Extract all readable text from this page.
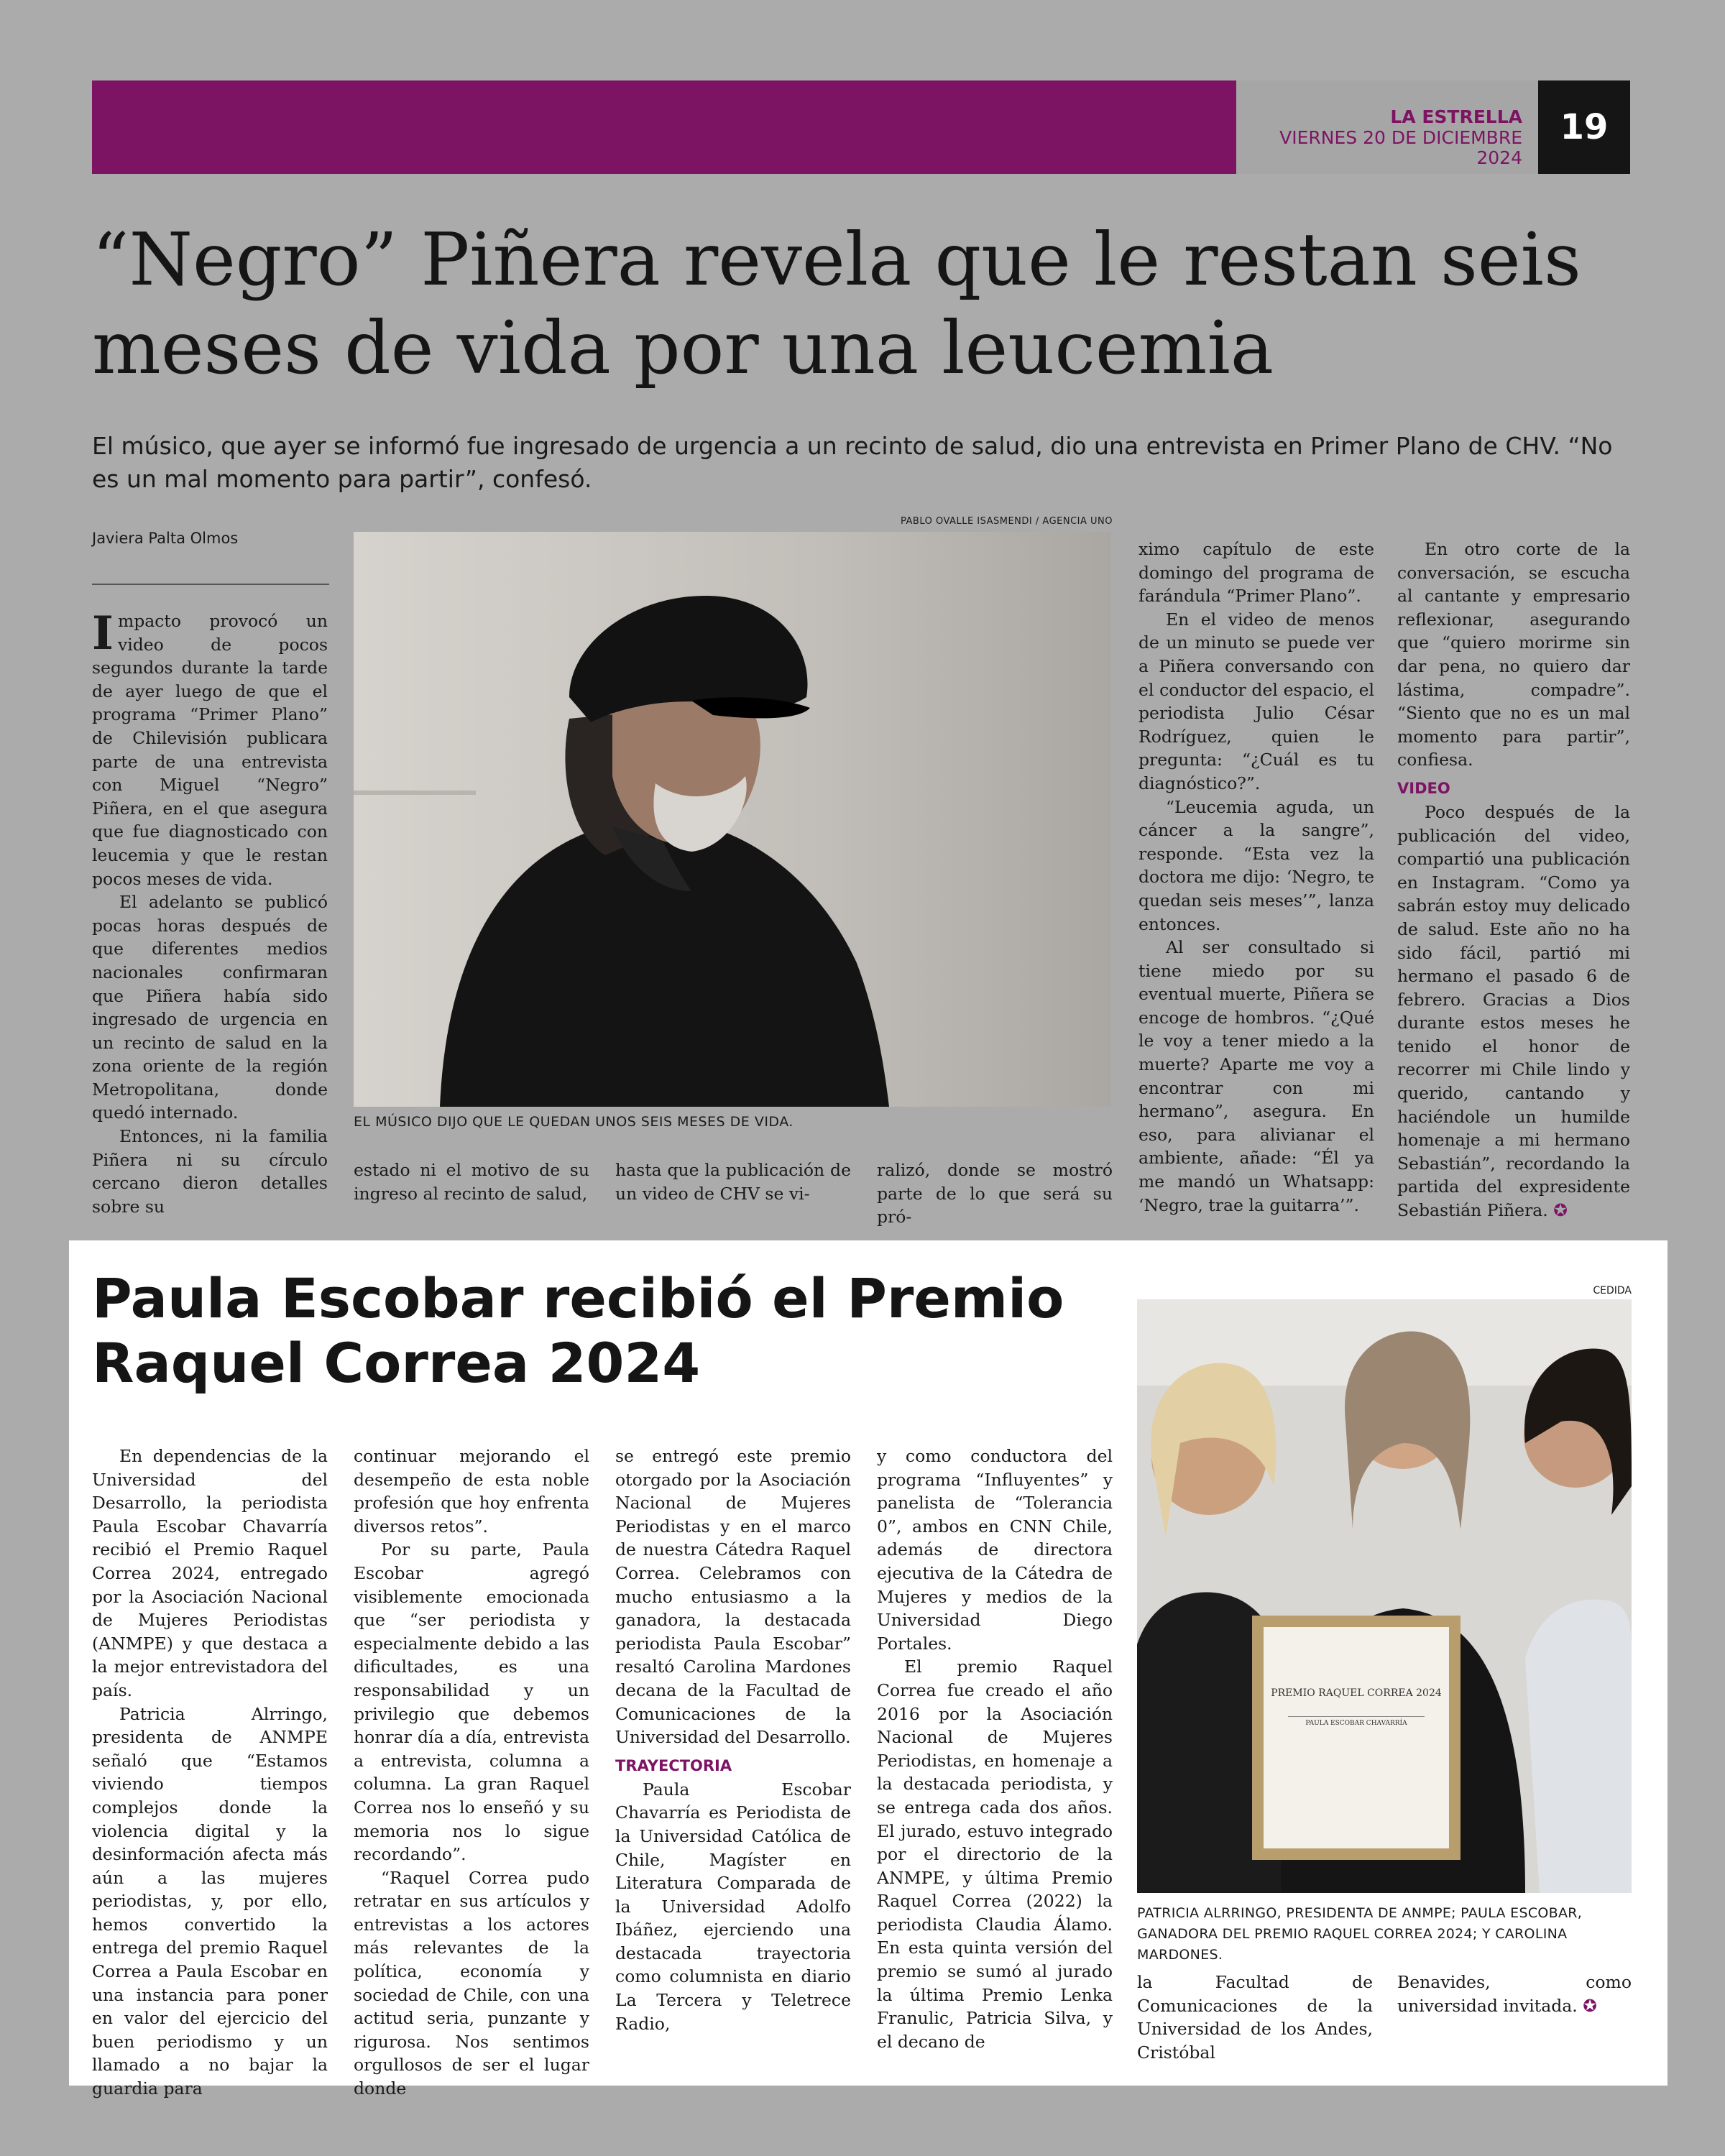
LA ESTRELLA
VIERNES 20 DE DICIEMBRE 2024
19
“Negro” Piñera revela que le restan seis meses de vida por una leucemia
El músico, que ayer se informó fue ingresado de urgencia a un recinto de salud, dio una entrevista en Primer Plano de CHV. “No es un mal momento para partir”, confesó.
Javiera Palta Olmos
PABLO OVALLE ISASMENDI / AGENCIA UNO
EL MÚSICO DIJO QUE LE QUEDAN UNOS SEIS MESES DE VIDA.

Impacto provocó un video de pocos segundos durante la tarde de ayer luego de que el programa “Primer Plano” de Chilevisión publicara parte de una entrevista con Miguel “Negro” Piñera, en el que asegura que fue diagnosticado con leucemia y que le restan pocos meses de vida.

El adelanto se publicó pocas horas después de que diferentes medios nacionales confirmaran que Piñera había sido ingresado de urgencia en un recinto de salud en la zona oriente de la región Metropolitana, donde quedó internado.

Entonces, ni la familia Piñera ni su círculo cercano dieron detalles sobre su

estado ni el motivo de su ingreso al recinto de salud,

hasta que la publicación de un video de CHV se vi-

ralizó, donde se mostró parte de lo que será su pró-

ximo capítulo de este domingo del programa de farándula “Primer Plano”.

En el video de menos de un minuto se puede ver a Piñera conversando con el conductor del espacio, el periodista Julio César Rodríguez, quien le pregunta: “¿Cuál es tu diagnóstico?”.

“Leucemia aguda, un cáncer a la sangre”, responde. “Esta vez la doctora me dijo: ‘Negro, te quedan seis meses’”, lanza entonces.

Al ser consultado si tiene miedo por su eventual muerte, Piñera se encoge de hombros. “¿Qué le voy a tener miedo a la muerte? Aparte me voy a encontrar con mi hermano”, asegura. En eso, para alivianar el ambiente, añade: “Él ya me mandó un Whatsapp: ‘Negro, trae la guitarra’”.

En otro corte de la conversación, se escucha al cantante y empresario reflexionar, asegurando que “quiero morirme sin dar pena, no quiero dar lástima, compadre”. “Siento que no es un mal momento para partir”, confiesa.

VIDEO

Poco después de la publicación del video, compartió una publicación en Instagram. “Como ya sabrán estoy muy delicado de salud. Este año no ha sido fácil, partió mi hermano el pasado 6 de febrero. Gracias a Dios durante estos meses he tenido el honor de recorrer mi Chile lindo y querido, cantando y haciéndole un humilde homenaje a mi hermano Sebastián”, recordando la partida del expresidente Sebastián Piñera. ✪

Paula Escobar recibió el Premio Raquel Correa 2024
CEDIDA
PREMIO RAQUEL CORREA 2024
PAULA ESCOBAR CHAVARRÍA
PATRICIA ALRRINGO, PRESIDENTA DE ANMPE; PAULA ESCOBAR, GANADORA DEL PREMIO RAQUEL CORREA 2024; Y CAROLINA MARDONES.

En dependencias de la Universidad del Desarrollo, la periodista Paula Escobar Chavarría recibió el Premio Raquel Correa 2024, entregado por la Asociación Nacional de Mujeres Periodistas (ANMPE) y que destaca a la mejor entrevistadora del país.

Patricia Alrringo, presidenta de ANMPE señaló que “Estamos viviendo tiempos complejos donde la violencia digital y la desinformación afecta más aún a las mujeres periodistas, y, por ello, hemos convertido la entrega del premio Raquel Correa a Paula Escobar en una instancia para poner en valor del ejercicio del buen periodismo y un llamado a no bajar la guardia para

continuar mejorando el desempeño de esta noble profesión que hoy enfrenta diversos retos”.

Por su parte, Paula Escobar agregó visiblemente emocionada que “ser periodista y especialmente debido a las dificultades, es una responsabilidad y un privilegio que debemos honrar día a día, entrevista a entrevista, columna a columna. La gran Raquel Correa nos lo enseñó y su memoria nos lo sigue recordando”.

“Raquel Correa pudo retratar en sus artículos y entrevistas a los actores más relevantes de la política, economía y sociedad de Chile, con una actitud seria, punzante y rigurosa. Nos sentimos orgullosos de ser el lugar donde

se entregó este premio otorgado por la Asociación Nacional de Mujeres Periodistas y en el marco de nuestra Cátedra Raquel Correa. Celebramos con mucho entusiasmo a la ganadora, la destacada periodista Paula Escobar” resaltó Carolina Mardones decana de la Facultad de Comunicaciones de la Universidad del Desarrollo.

TRAYECTORIA

Paula Escobar Chavarría es Periodista de la Universidad Católica de Chile, Magíster en Literatura Comparada de la Universidad Adolfo Ibáñez, ejerciendo una destacada trayectoria como columnista en diario La Tercera y Teletrece Radio,

y como conductora del programa “Influyentes” y panelista de “Tolerancia 0”, ambos en CNN Chile, además de directora ejecutiva de la Cátedra de Mujeres y medios de la Universidad Diego Portales.

El premio Raquel Correa fue creado el año 2016 por la Asociación Nacional de Mujeres Periodistas, en homenaje a la destacada periodista, y se entrega cada dos años. El jurado, estuvo integrado por el directorio de la ANMPE, y última Premio Raquel Correa (2022) la periodista Claudia Álamo. En esta quinta versión del premio se sumó al jurado la última Premio Lenka Franulic, Patricia Silva, y el decano de

la Facultad de Comunicaciones de la Universidad de los Andes, Cristóbal

Benavides, como universidad invitada. ✪
